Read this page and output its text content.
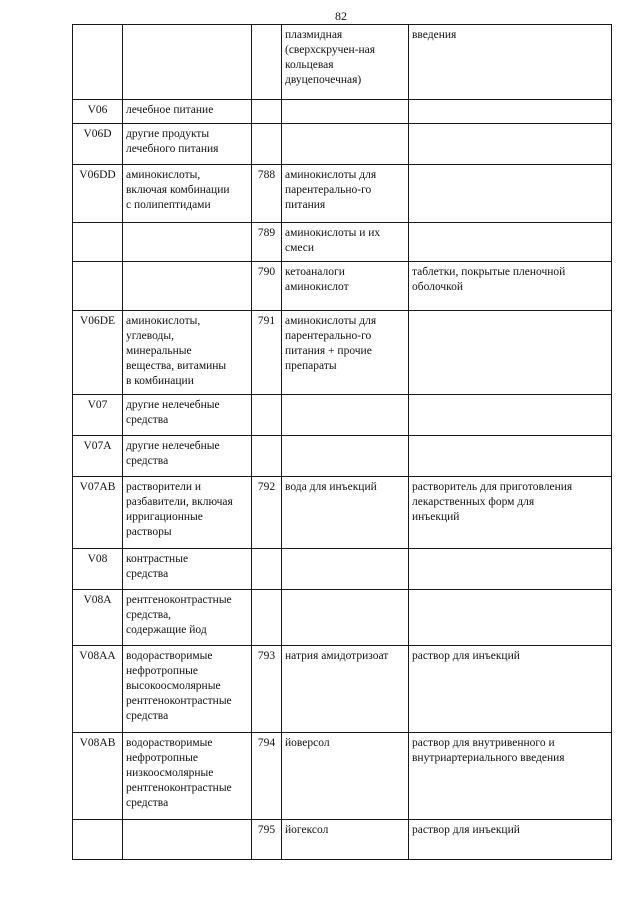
82

			плазмидная
(сверхскручен-ная
кольцевая
двуцепочечная)	введения

V06	лечебное питание			

V06D	другие продукты
лечебного питания			

V06DD	аминокислоты,
включая комбинации
с полипептидами	788	аминокислоты для
парентерально-го
питания	

		789	аминокислоты и их
смеси	

		790	кетоаналоги
аминокислот	таблетки, покрытые пленочной
оболочкой

V06DE	аминокислоты,
углеводы,
минеральные
вещества, витамины
в комбинации	791	аминокислоты для
парентерально-го
питания + прочие
препараты	

V07	другие нелечебные
средства			

V07A	другие нелечебные
средства			

V07AB	растворители и
разбавители, включая
ирригационные
растворы	792	вода для инъекций	растворитель для приготовления
лекарственных форм для
инъекций

V08	контрастные
средства			

V08A	рентгеноконтрастные
средства,
содержащие йод			

V08AA	водорастворимые
нефротропные
высокоосмолярные
рентгеноконтрастные
средства	793	натрия амидотризоат	раствор для инъекций

V08AB	водорастворимые
нефротропные
низкоосмолярные
рентгеноконтрастные
средства	794	йоверсол	раствор для внутривенного и
внутриартериального введения

		795	йогексол	раствор для инъекций
